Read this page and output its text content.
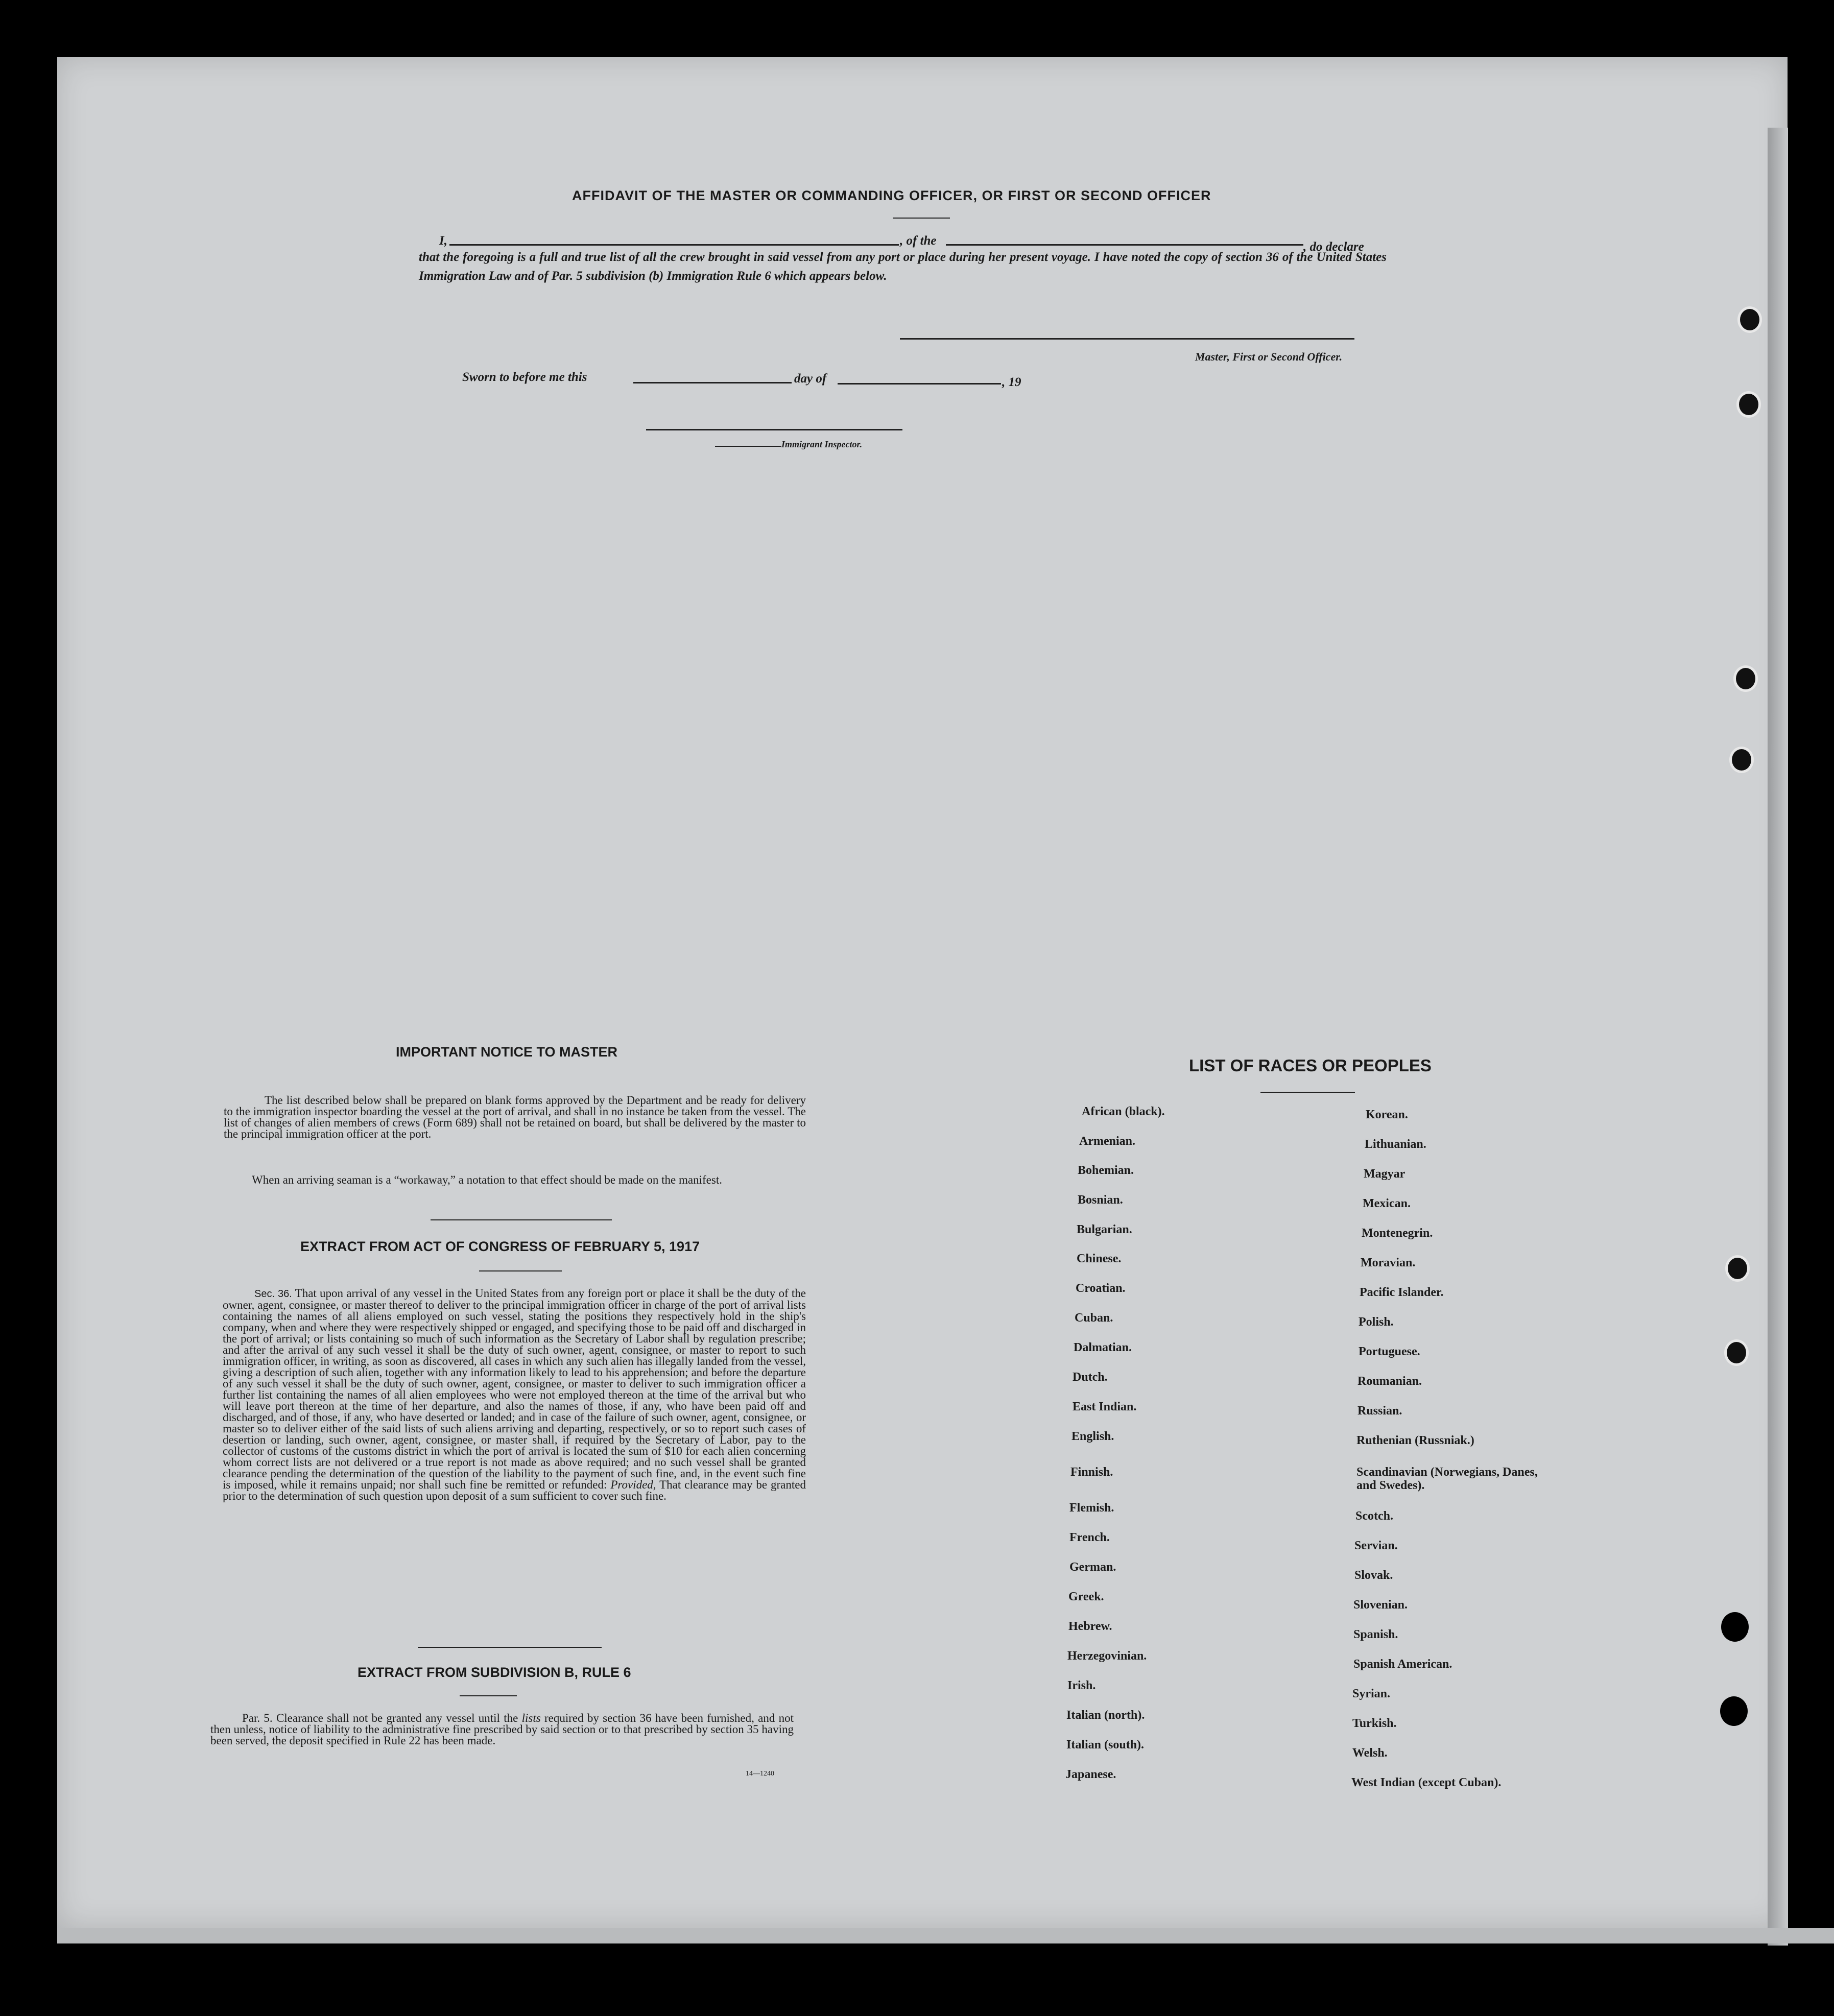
AFFIDAVIT OF THE MASTER OR COMMANDING OFFICER, OR FIRST OR SECOND OFFICER
I,	, of the	, do declare
that the foregoing is a full and true list of all the crew brought in said vessel from any port or place during her present voyage. I have noted the copy of section 36 of the United States Immigration Law and of Par. 5 subdivision (b) Immigration Rule 6 which appears below.
Master, First or Second Officer.
Sworn to before me this	day of	, 19
Immigrant Inspector.
IMPORTANT NOTICE TO MASTER
The list described below shall be prepared on blank forms approved by the Department and be ready for delivery to the immigration inspector boarding the vessel at the port of arrival, and shall in no instance be taken from the vessel. The list of changes of alien members of crews (Form 689) shall not be retained on board, but shall be delivered by the master to the principal immigration officer at the port.
When an arriving seaman is a “workaway,” a notation to that effect should be made on the manifest.
EXTRACT FROM ACT OF CONGRESS OF FEBRUARY 5, 1917
Sec. 36. That upon arrival of any vessel in the United States from any foreign port or place it shall be the duty of the owner, agent, consignee, or master thereof to deliver to the principal immigration officer in charge of the port of arrival lists containing the names of all aliens employed on such vessel, stating the positions they respectively hold in the ship's company, when and where they were respectively shipped or engaged, and specifying those to be paid off and discharged in the port of arrival; or lists containing so much of such information as the Secretary of Labor shall by regulation prescribe; and after the arrival of any such vessel it shall be the duty of such owner, agent, consignee, or master to report to such immigration officer, in writing, as soon as discovered, all cases in which any such alien has illegally landed from the vessel, giving a description of such alien, together with any information likely to lead to his apprehension; and before the departure of any such vessel it shall be the duty of such owner, agent, consignee, or master to deliver to such immigration officer a further list containing the names of all alien employees who were not employed thereon at the time of the arrival but who will leave port thereon at the time of her departure, and also the names of those, if any, who have been paid off and discharged, and of those, if any, who have deserted or landed; and in case of the failure of such owner, agent, consignee, or master so to deliver either of the said lists of such aliens arriving and departing, respectively, or so to report such cases of desertion or landing, such owner, agent, consignee, or master shall, if required by the Secretary of Labor, pay to the collector of customs of the customs district in which the port of arrival is located the sum of $10 for each alien concerning whom correct lists are not delivered or a true report is not made as above required; and no such vessel shall be granted clearance pending the determination of the question of the liability to the payment of such fine, and, in the event such fine is imposed, while it remains unpaid; nor shall such fine be remitted or refunded: Provided, That clearance may be granted prior to the determination of such question upon deposit of a sum sufficient to cover such fine.
EXTRACT FROM SUBDIVISION B, RULE 6
Par. 5. Clearance shall not be granted any vessel until the lists required by section 36 have been furnished, and not then unless, notice of liability to the administrative fine prescribed by said section or to that prescribed by section 35 having been served, the deposit specified in Rule 22 has been made.
14—1240
LIST OF RACES OR PEOPLES
African (black).
Armenian.
Bohemian.
Bosnian.
Bulgarian.
Chinese.
Croatian.
Cuban.
Dalmatian.
Dutch.
East Indian.
English.
Finnish.
Flemish.
French.
German.
Greek.
Hebrew.
Herzegovinian.
Irish.
Italian (north).
Italian (south).
Japanese.
Korean.
Lithuanian.
Magyar
Mexican.
Montenegrin.
Moravian.
Pacific Islander.
Polish.
Portuguese.
Roumanian.
Russian.
Ruthenian (Russniak.)
Scandinavian (Norwegians, Danes, and Swedes).
Scotch.
Servian.
Slovak.
Slovenian.
Spanish.
Spanish American.
Syrian.
Turkish.
Welsh.
West Indian (except Cuban).
